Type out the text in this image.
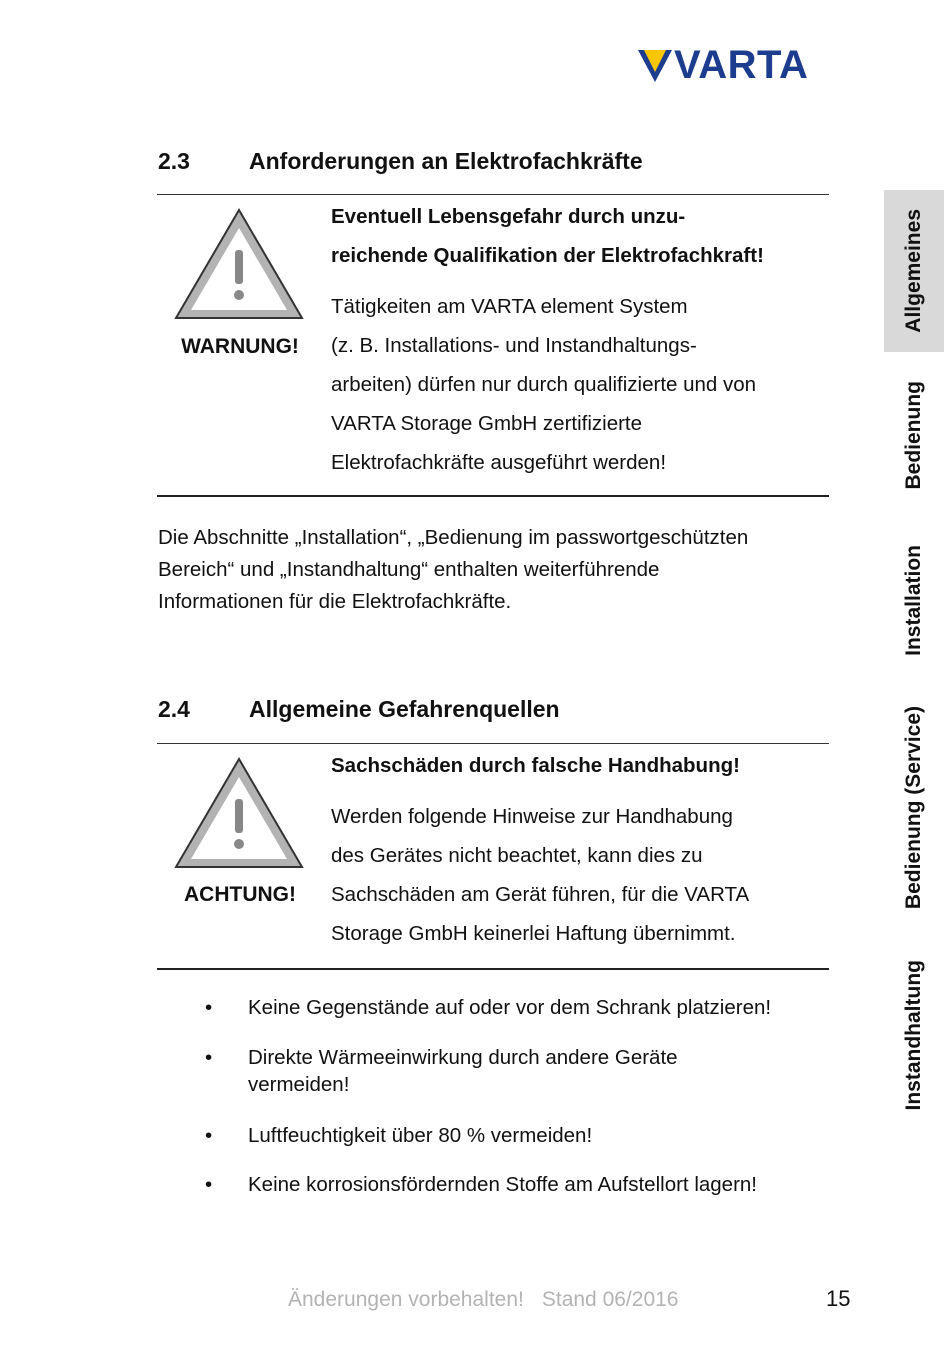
VARTA
2.3	Anforderungen an Elektrofachkräfte
WARNUNG!
Eventuell Lebensgefahr durch unzu-
reichende Qualifikation der Elektrofachkraft!
Tätigkeiten am VARTA element System
(z. B. Installations- und Instandhaltungs-
arbeiten) dürfen nur durch qualifizierte und von
VARTA Storage GmbH zertifizierte
Elektrofachkräfte ausgeführt werden!
Die Abschnitte „Installation“, „Bedienung im passwortgeschützten
Bereich“ und „Instandhaltung“ enthalten weiterführende
Informationen für die Elektrofachkräfte.
2.4	Allgemeine Gefahrenquellen
ACHTUNG!
Sachschäden durch falsche Handhabung!
Werden folgende Hinweise zur Handhabung
des Gerätes nicht beachtet, kann dies zu
Sachschäden am Gerät führen, für die VARTA
Storage GmbH keinerlei Haftung übernimmt.
•	Keine Gegenstände auf oder vor dem Schrank platzieren!
•	Direkte Wärmeeinwirkung durch andere Geräte vermeiden!
•	Luftfeuchtigkeit über 80 % vermeiden!
•	Keine korrosionsfördernden Stoffe am Aufstellort lagern!
Allgemeines
Bedienung
Installation
Bedienung (Service)
Instandhaltung
Änderungen vorbehalten! Stand 06/2016	15
